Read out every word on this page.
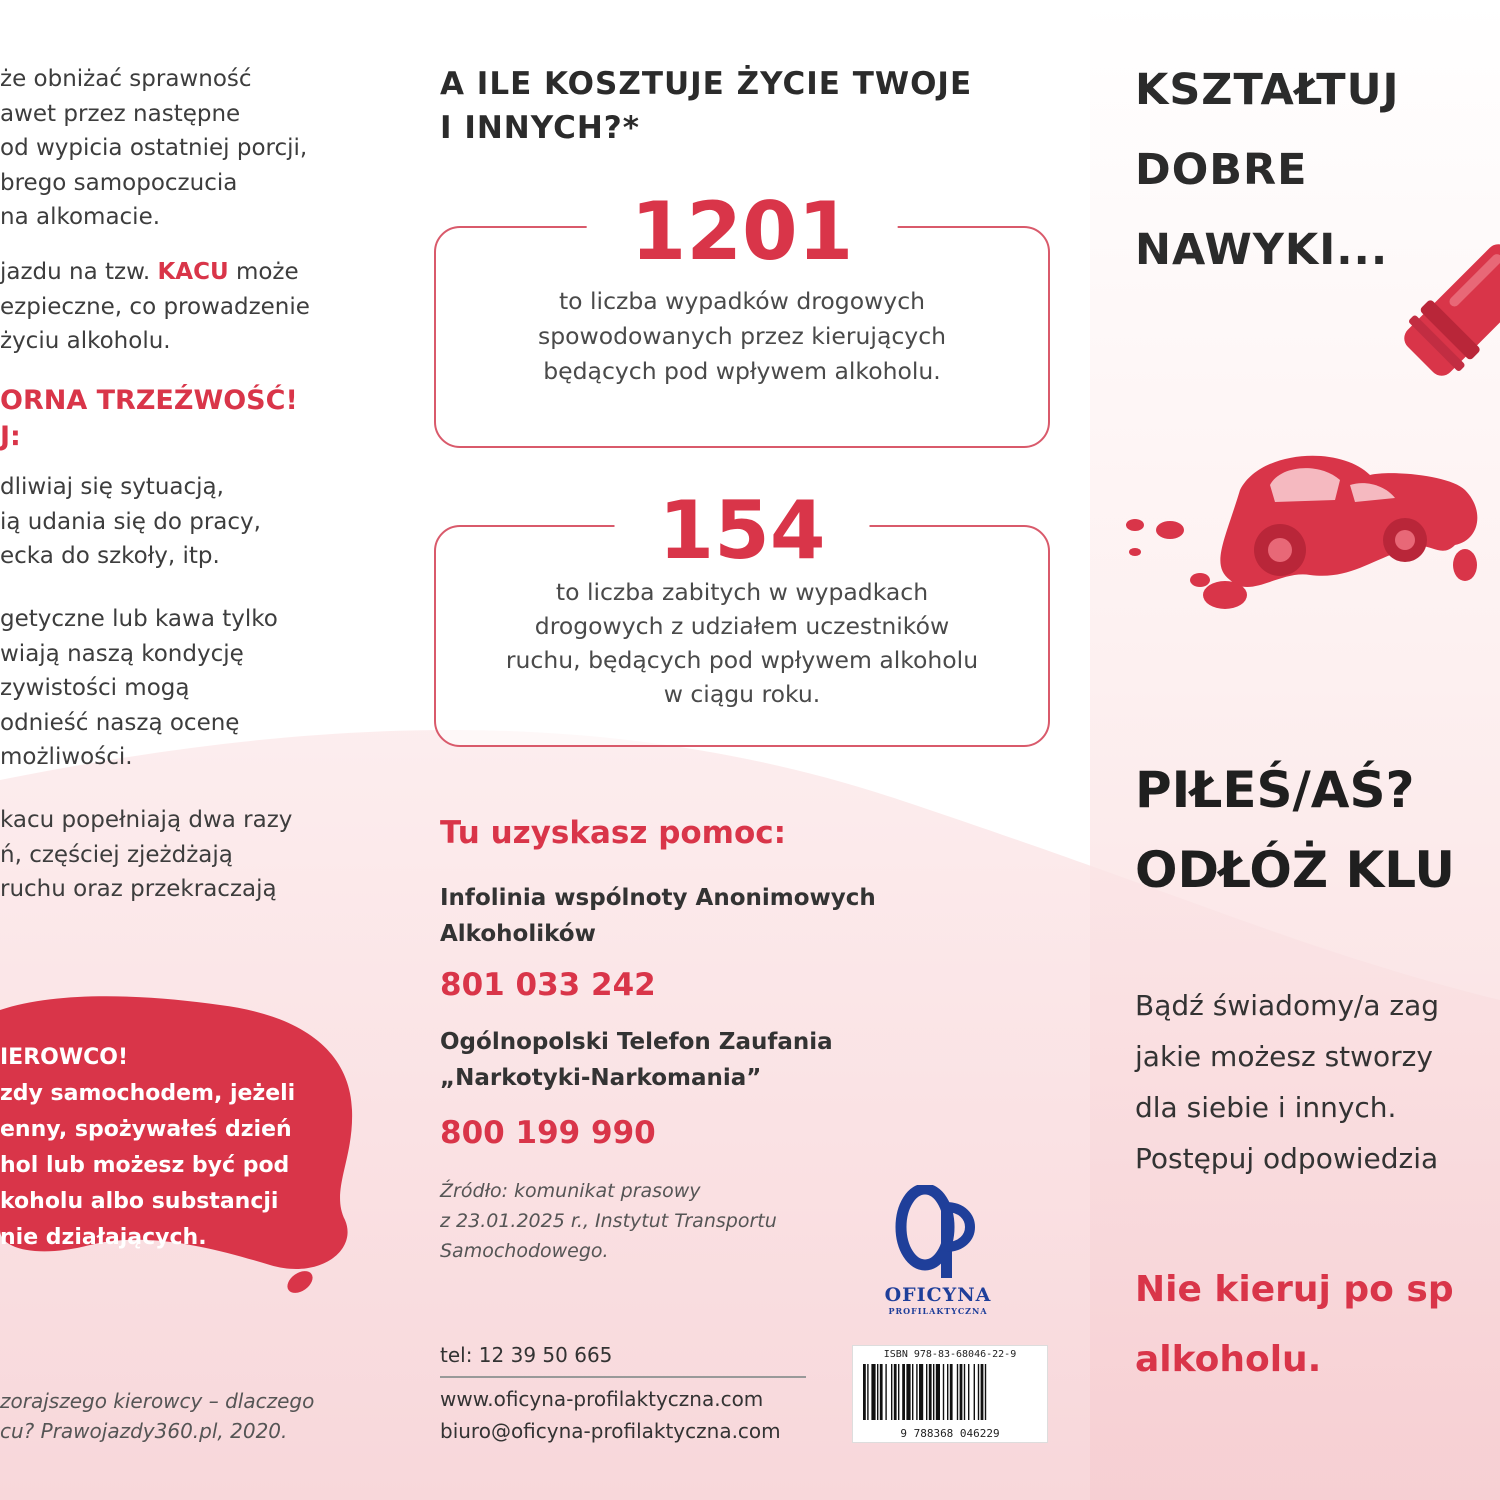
że obniżać sprawność
awet przez następne
od wypicia ostatniej porcji,
brego samopoczucia
na alkomacie.
jazdu na tzw. KACU może
ezpieczne, co prowadzenie
życiu alkoholu.
ORNA TRZEŹWOŚĆ!
J:
dliwiaj się sytuacją,
ią udania się do pracy,
ecka do szkoły, itp.
getyczne lub kawa tylko
wiają naszą kondycję
zywistości mogą
odnieść naszą ocenę
możliwości.
kacu popełniają dwa razy
ń, częściej zjeżdżają
ruchu oraz przekraczają
IEROWCO!
zdy samochodem, jeżeli
enny, spożywałeś dzień
hol lub możesz być pod
koholu albo substancji
nie działających.
zorajszego kierowcy – dlaczego
cu? Prawojazdy360.pl, 2020.
A ILE KOSZTUJE ŻYCIE TWOJE
I INNYCH?*
1201
to liczba wypadków drogowych
spowodowanych przez kierujących
będących pod wpływem alkoholu.
154
to liczba zabitych w wypadkach
drogowych z udziałem uczestników
ruchu, będących pod wpływem alkoholu
w ciągu roku.
Tu uzyskasz pomoc:
Infolinia wspólnoty Anonimowych
Alkoholików
801 033 242
Ogólnopolski Telefon Zaufania
„Narkotyki-Narkomania”
800 199 990
Źródło: komunikat prasowy
z 23.01.2025 r., Instytut Transportu
Samochodowego.
tel: 12 39 50 665
www.oficyna-profilaktyczna.com
biuro@oficyna-profilaktyczna.com
OFICYNA
PROFILAKTYCZNA
ISBN 978-83-68046-22-9
9 788368 046229
KSZTAŁTUJ
DOBRE
NAWYKI...
PIŁEŚ/AŚ?
ODŁÓŻ KLU
Bądź świadomy/a zag
jakie możesz stworzy
dla siebie i innych.
Postępuj odpowiedzia
Nie kieruj po sp
alkoholu.
